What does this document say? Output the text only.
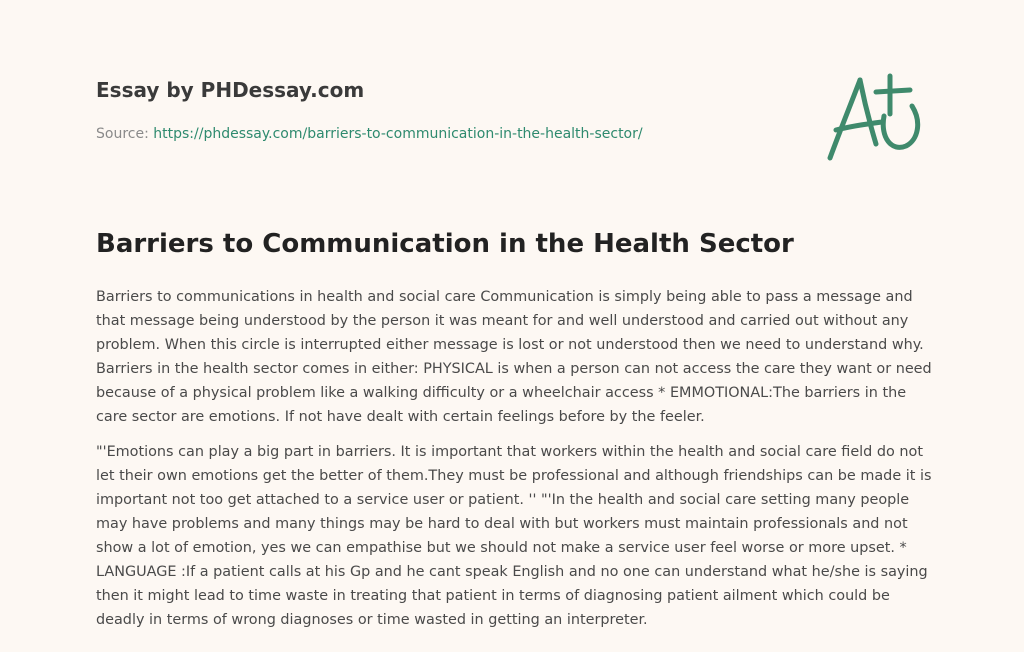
Essay by PHDessay.com
Source: https://phdessay.com/barriers-to-communication-in-the-health-sector/
Barriers to Communication in the Health Sector

Barriers to communications in health and social care Communication is simply being able to pass a message and that message being understood by the person it was meant for and well understood and carried out without any problem. When this circle is interrupted either message is lost or not understood then we need to understand why. Barriers in the health sector comes in either: PHYSICAL is when a person can not access the care they want or need because of a physical problem like a walking difficulty or a wheelchair access * EMMOTIONAL:The barriers in the care sector are emotions. If not have dealt with certain feelings before by the feeler.

"'Emotions can play a big part in barriers. It is important that workers within the health and social care field do not let their own emotions get the better of them.They must be professional and although friendships can be made it is important not too get attached to a service user or patient. '' "'In the health and social care setting many people may have problems and many things may be hard to deal with but workers must maintain professionals and not show a lot of emotion, yes we can empathise but we should not make a service user feel worse or more upset. * LANGUAGE :If a patient calls at his Gp and he cant speak English and no one can understand what he/she is saying then it might lead to time waste in treating that patient in terms of diagnosing patient ailment which could be deadly in terms of wrong diagnoses or time wasted in getting an interpreter.
